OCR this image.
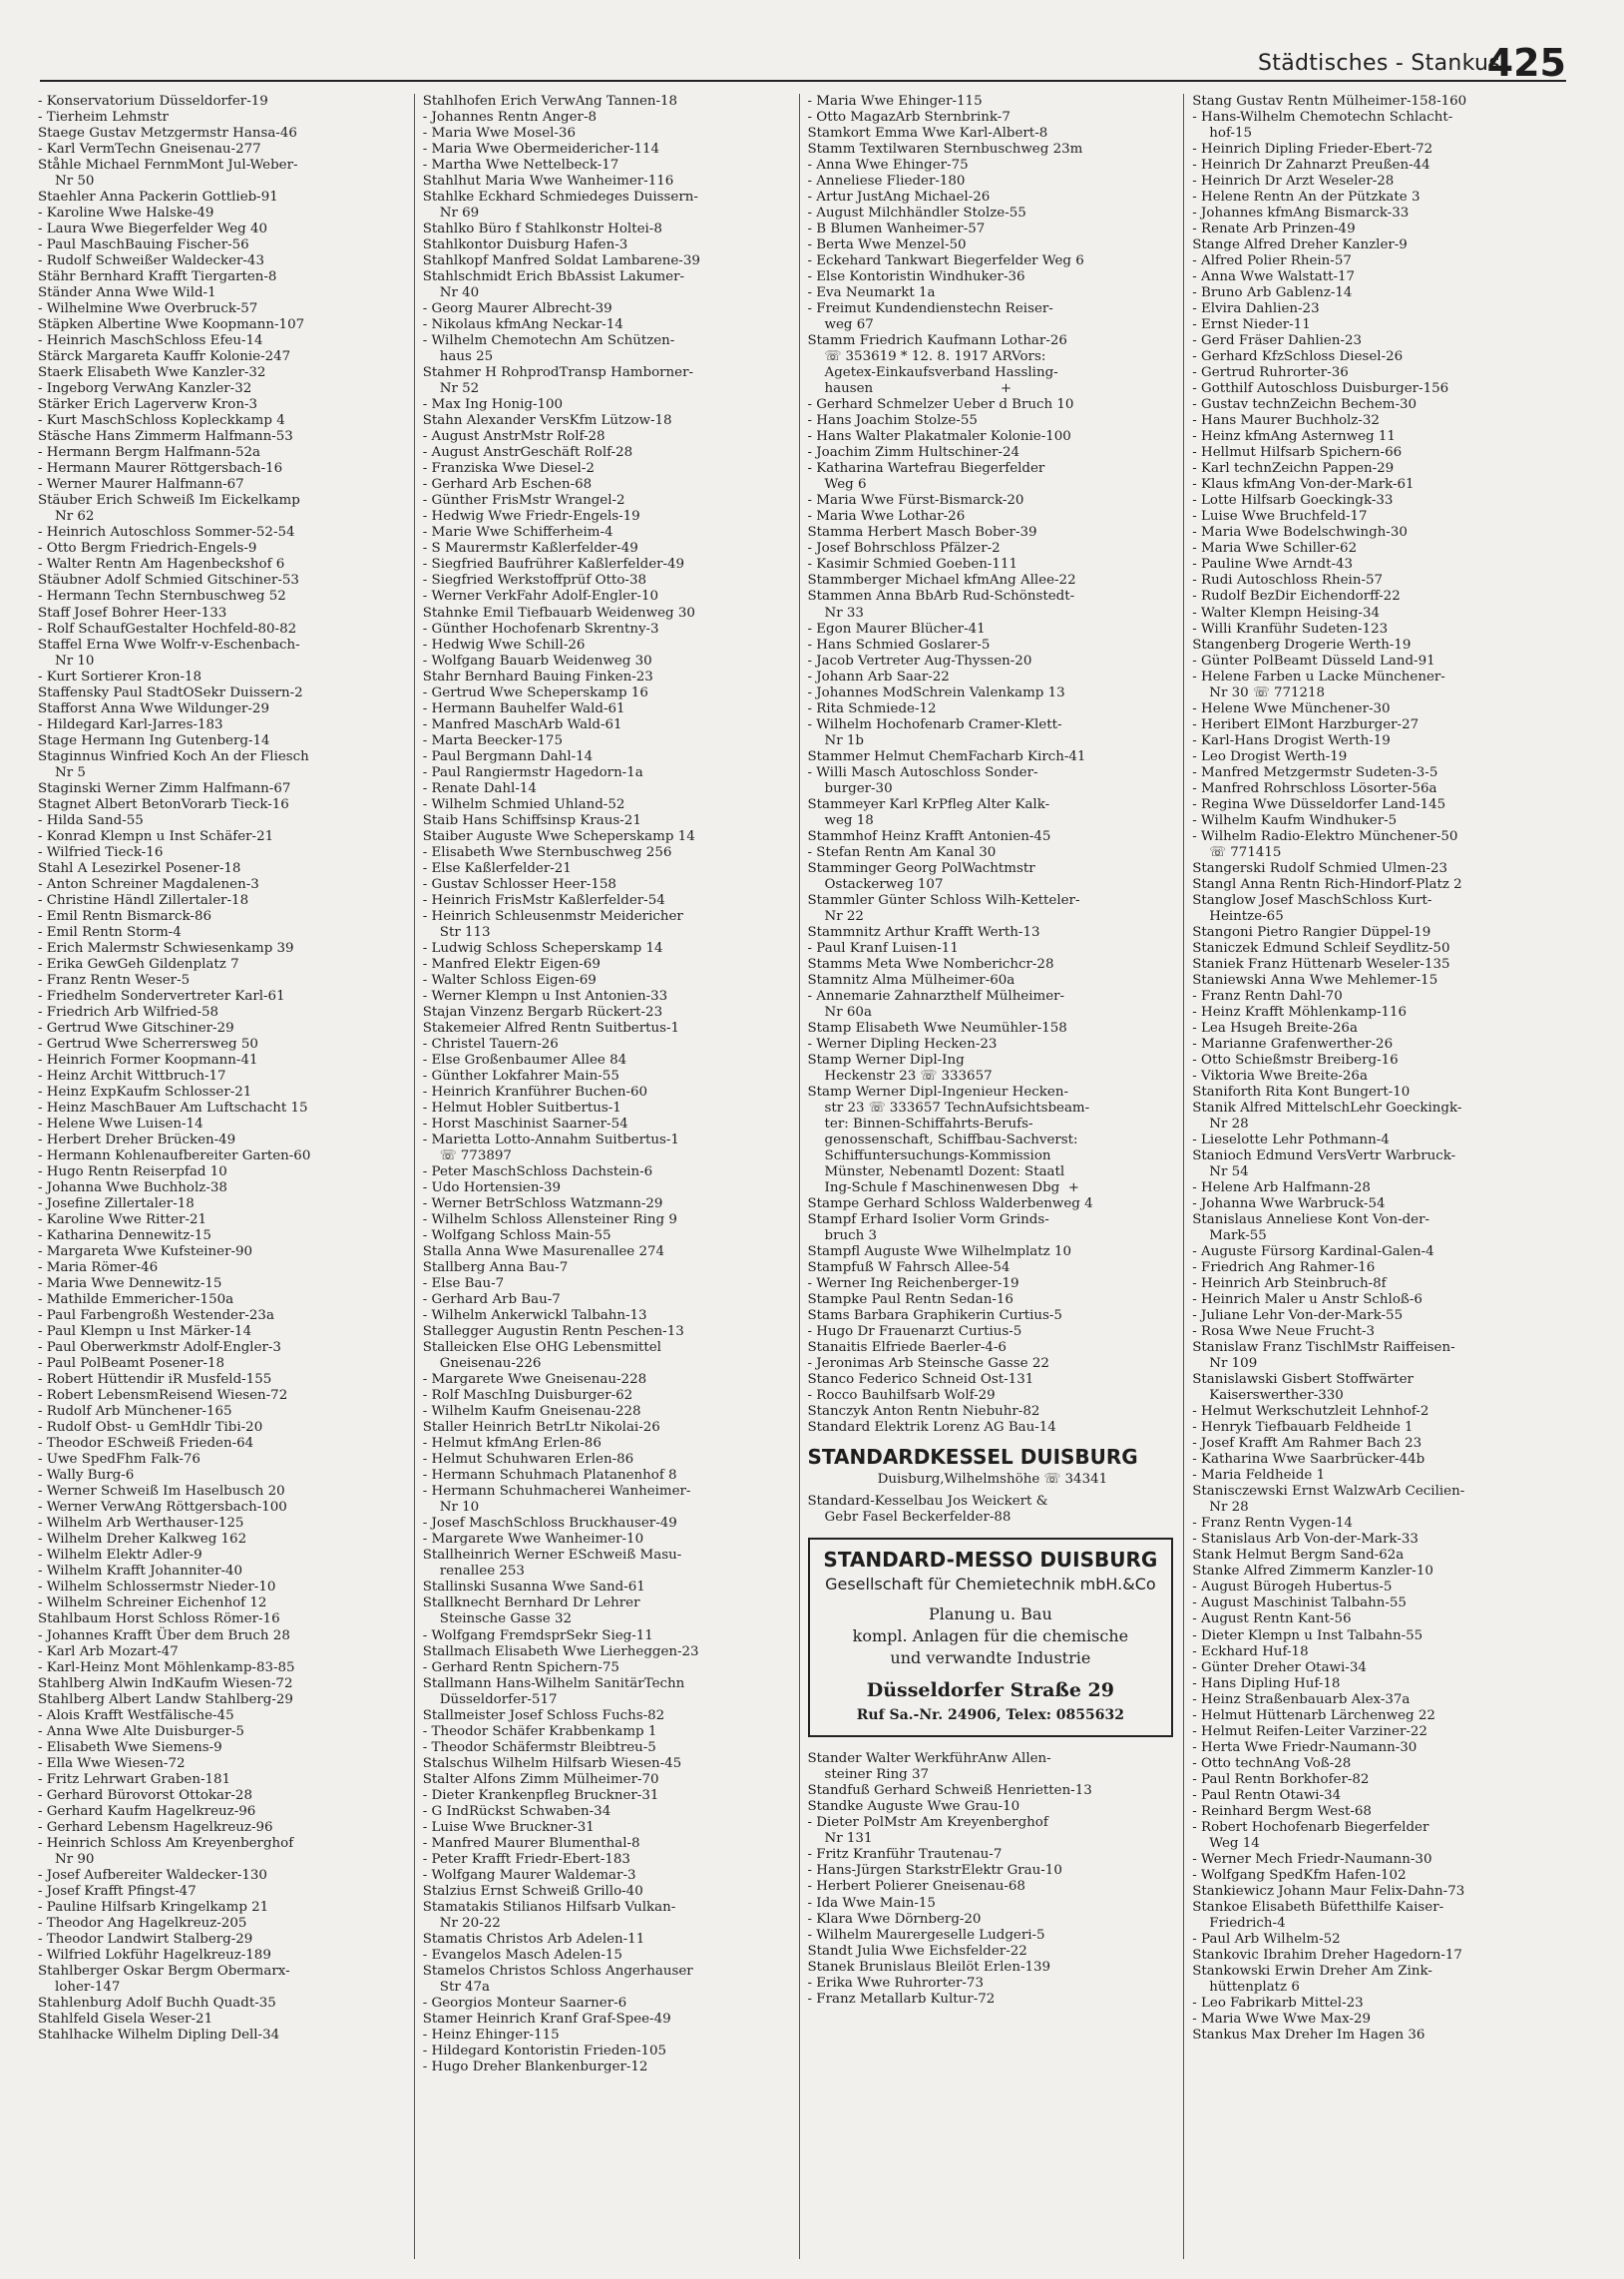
Städtisches - Stankus
425
- Konservatorium Düsseldorfer-19
- Tierheim Lehmstr
Staege Gustav Metzgermstr Hansa-46
- Karl VermTechn Gneisenau-277
Ståhle Michael FernmMont Jul-Weber-
Nr 50
Staehler Anna Packerin Gottlieb-91
- Karoline Wwe Halske-49
- Laura Wwe Biegerfelder Weg 40
- Paul MaschBauing Fischer-56
- Rudolf Schweißer Waldecker-43
Stähr Bernhard Krafft Tiergarten-8
Ständer Anna Wwe Wild-1
- Wilhelmine Wwe Overbruck-57
Stäpken Albertine Wwe Koopmann-107
- Heinrich MaschSchloss Efeu-14
Stärck Margareta Kauffr Kolonie-247
Staerk Elisabeth Wwe Kanzler-32
- Ingeborg VerwAng Kanzler-32
Stärker Erich Lagerverw Kron-3
- Kurt MaschSchloss Kopleckkamp 4
Stäsche Hans Zimmerm Halfmann-53
- Hermann Bergm Halfmann-52a
- Hermann Maurer Röttgersbach-16
- Werner Maurer Halfmann-67
Stäuber Erich Schweiß Im Eickelkamp
Nr 62
- Heinrich Autoschloss Sommer-52-54
- Otto Bergm Friedrich-Engels-9
- Walter Rentn Am Hagenbeckshof 6
Stäubner Adolf Schmied Gitschiner-53
- Hermann Techn Sternbuschweg 52
Staff Josef Bohrer Heer-133
- Rolf SchaufGestalter Hochfeld-80-82
Staffel Erna Wwe Wolfr-v-Eschenbach-
Nr 10
- Kurt Sortierer Kron-18
Staffensky Paul StadtOSekr Duissern-2
Stafforst Anna Wwe Wildunger-29
- Hildegard Karl-Jarres-183
Stage Hermann Ing Gutenberg-14
Staginnus Winfried Koch An der Fliesch
Nr 5
Staginski Werner Zimm Halfmann-67
Stagnet Albert BetonVorarb Tieck-16
- Hilda Sand-55
- Konrad Klempn u Inst Schäfer-21
- Wilfried Tieck-16
Stahl A Lesezirkel Posener-18
- Anton Schreiner Magdalenen-3
- Christine Händl Zillertaler-18
- Emil Rentn Bismarck-86
- Emil Rentn Storm-4
- Erich Malermstr Schwiesenkamp 39
- Erika GewGeh Gildenplatz 7
- Franz Rentn Weser-5
- Friedhelm Sondervertreter Karl-61
- Friedrich Arb Wilfried-58
- Gertrud Wwe Gitschiner-29
- Gertrud Wwe Scherrersweg 50
- Heinrich Former Koopmann-41
- Heinz Archit Wittbruch-17
- Heinz ExpKaufm Schlosser-21
- Heinz MaschBauer Am Luftschacht 15
- Helene Wwe Luisen-14
- Herbert Dreher Brücken-49
- Hermann Kohlenaufbereiter Garten-60
- Hugo Rentn Reiserpfad 10
- Johanna Wwe Buchholz-38
- Josefine Zillertaler-18
- Karoline Wwe Ritter-21
- Katharina Dennewitz-15
- Margareta Wwe Kufsteiner-90
- Maria Römer-46
- Maria Wwe Dennewitz-15
- Mathilde Emmericher-150a
- Paul Farbengroßh Westender-23a
- Paul Klempn u Inst Märker-14
- Paul Oberwerkmstr Adolf-Engler-3
- Paul PolBeamt Posener-18
- Robert Hüttendir iR Musfeld-155
- Robert LebensmReisend Wiesen-72
- Rudolf Arb Münchener-165
- Rudolf Obst- u GemHdlr Tibi-20
- Theodor ESchweiß Frieden-64
- Uwe SpedFhm Falk-76
- Wally Burg-6
- Werner Schweiß Im Haselbusch 20
- Werner VerwAng Röttgersbach-100
- Wilhelm Arb Werthauser-125
- Wilhelm Dreher Kalkweg 162
- Wilhelm Elektr Adler-9
- Wilhelm Krafft Johanniter-40
- Wilhelm Schlossermstr Nieder-10
- Wilhelm Schreiner Eichenhof 12
Stahlbaum Horst Schloss Römer-16
- Johannes Krafft Über dem Bruch 28
- Karl Arb Mozart-47
- Karl-Heinz Mont Möhlenkamp-83-85
Stahlberg Alwin IndKaufm Wiesen-72
Stahlberg Albert Landw Stahlberg-29
- Alois Krafft Westfälische-45
- Anna Wwe Alte Duisburger-5
- Elisabeth Wwe Siemens-9
- Ella Wwe Wiesen-72
- Fritz Lehrwart Graben-181
- Gerhard Bürovorst Ottokar-28
- Gerhard Kaufm Hagelkreuz-96
- Gerhard Lebensm Hagelkreuz-96
- Heinrich Schloss Am Kreyenberghof
Nr 90
- Josef Aufbereiter Waldecker-130
- Josef Krafft Pfingst-47
- Pauline Hilfsarb Kringelkamp 21
- Theodor Ang Hagelkreuz-205
- Theodor Landwirt Stalberg-29
- Wilfried Lokführ Hagelkreuz-189
Stahlberger Oskar Bergm Obermarx-
loher-147
Stahlenburg Adolf Buchh Quadt-35
Stahlfeld Gisela Weser-21
Stahlhacke Wilhelm Dipling Dell-34
Stahlhofen Erich VerwAng Tannen-18
- Johannes Rentn Anger-8
- Maria Wwe Mosel-36
- Maria Wwe Obermeidericher-114
- Martha Wwe Nettelbeck-17
Stahlhut Maria Wwe Wanheimer-116
Stahlke Eckhard Schmiedeges Duissern-
Nr 69
Stahlko Büro f Stahlkonstr Holtei-8
Stahlkontor Duisburg Hafen-3
Stahlkopf Manfred Soldat Lambarene-39
Stahlschmidt Erich BbAssist Lakumer-
Nr 40
- Georg Maurer Albrecht-39
- Nikolaus kfmAng Neckar-14
- Wilhelm Chemotechn Am Schützen-
haus 25
Stahmer H RohprodTransp Hamborner-
Nr 52
- Max Ing Honig-100
Stahn Alexander VersKfm Lützow-18
- August AnstrMstr Rolf-28
- August AnstrGeschäft Rolf-28
- Franziska Wwe Diesel-2
- Gerhard Arb Eschen-68
- Günther FrisMstr Wrangel-2
- Hedwig Wwe Friedr-Engels-19
- Marie Wwe Schifferheim-4
- S Maurermstr Kaßlerfelder-49
- Siegfried Baufrührer Kaßlerfelder-49
- Siegfried Werkstoffprüf Otto-38
- Werner VerkFahr Adolf-Engler-10
Stahnke Emil Tiefbauarb Weidenweg 30
- Günther Hochofenarb Skrentny-3
- Hedwig Wwe Schill-26
- Wolfgang Bauarb Weidenweg 30
Stahr Bernhard Bauing Finken-23
- Gertrud Wwe Scheperskamp 16
- Hermann Bauhelfer Wald-61
- Manfred MaschArb Wald-61
- Marta Beecker-175
- Paul Bergmann Dahl-14
- Paul Rangiermstr Hagedorn-1a
- Renate Dahl-14
- Wilhelm Schmied Uhland-52
Staib Hans Schiffsinsp Kraus-21
Staiber Auguste Wwe Scheperskamp 14
- Elisabeth Wwe Sternbuschweg 256
- Else Kaßlerfelder-21
- Gustav Schlosser Heer-158
- Heinrich FrisMstr Kaßlerfelder-54
- Heinrich Schleusenmstr Meidericher
Str 113
- Ludwig Schloss Scheperskamp 14
- Manfred Elektr Eigen-69
- Walter Schloss Eigen-69
- Werner Klempn u Inst Antonien-33
Stajan Vinzenz Bergarb Rückert-23
Stakemeier Alfred Rentn Suitbertus-1
- Christel Tauern-26
- Else Großenbaumer Allee 84
- Günther Lokfahrer Main-55
- Heinrich Kranführer Buchen-60
- Helmut Hobler Suitbertus-1
- Horst Maschinist Saarner-54
- Marietta Lotto-Annahm Suitbertus-1
☏ 773897
- Peter MaschSchloss Dachstein-6
- Udo Hortensien-39
- Werner BetrSchloss Watzmann-29
- Wilhelm Schloss Allensteiner Ring 9
- Wolfgang Schloss Main-55
Stalla Anna Wwe Masurenallee 274
Stallberg Anna Bau-7
- Else Bau-7
- Gerhard Arb Bau-7
- Wilhelm Ankerwickl Talbahn-13
Stallegger Augustin Rentn Peschen-13
Stalleicken Else OHG Lebensmittel
Gneisenau-226
- Margarete Wwe Gneisenau-228
- Rolf MaschIng Duisburger-62
- Wilhelm Kaufm Gneisenau-228
Staller Heinrich BetrLtr Nikolai-26
- Helmut kfmAng Erlen-86
- Helmut Schuhwaren Erlen-86
- Hermann Schuhmach Platanenhof 8
- Hermann Schuhmacherei Wanheimer-
Nr 10
- Josef MaschSchloss Bruckhauser-49
- Margarete Wwe Wanheimer-10
Stallheinrich Werner ESchweiß Masu-
renallee 253
Stallinski Susanna Wwe Sand-61
Stallknecht Bernhard Dr Lehrer
Steinsche Gasse 32
- Wolfgang FremdsprSekr Sieg-11
Stallmach Elisabeth Wwe Lierheggen-23
- Gerhard Rentn Spichern-75
Stallmann Hans-Wilhelm SanitärTechn
Düsseldorfer-517
Stallmeister Josef Schloss Fuchs-82
- Theodor Schäfer Krabbenkamp 1
- Theodor Schäfermstr Bleibtreu-5
Stalschus Wilhelm Hilfsarb Wiesen-45
Stalter Alfons Zimm Mülheimer-70
- Dieter Krankenpfleg Bruckner-31
- G IndRückst Schwaben-34
- Luise Wwe Bruckner-31
- Manfred Maurer Blumenthal-8
- Peter Krafft Friedr-Ebert-183
- Wolfgang Maurer Waldemar-3
Stalzius Ernst Schweiß Grillo-40
Stamatakis Stilianos Hilfsarb Vulkan-
Nr 20-22
Stamatis Christos Arb Adelen-11
- Evangelos Masch Adelen-15
Stamelos Christos Schloss Angerhauser
Str 47a
- Georgios Monteur Saarner-6
Stamer Heinrich Kranf Graf-Spee-49
- Heinz Ehinger-115
- Hildegard Kontoristin Frieden-105
- Hugo Dreher Blankenburger-12
- Maria Wwe Ehinger-115
- Otto MagazArb Sternbrink-7
Stamkort Emma Wwe Karl-Albert-8
Stamm Textilwaren Sternbuschweg 23m
- Anna Wwe Ehinger-75
- Anneliese Flieder-180
- Artur JustAng Michael-26
- August Milchhändler Stolze-55
- B Blumen Wanheimer-57
- Berta Wwe Menzel-50
- Eckehard Tankwart Biegerfelder Weg 6
- Else Kontoristin Windhuker-36
- Eva Neumarkt 1a
- Freimut Kundendienstechn Reiser-
weg 67
Stamm Friedrich Kaufmann Lothar-26
☏ 353619 * 12. 8. 1917 ARVors:
Agetex-Einkaufsverband Hassling-
hausen                              +
- Gerhard Schmelzer Ueber d Bruch 10
- Hans Joachim Stolze-55
- Hans Walter Plakatmaler Kolonie-100
- Joachim Zimm Hultschiner-24
- Katharina Wartefrau Biegerfelder
Weg 6
- Maria Wwe Fürst-Bismarck-20
- Maria Wwe Lothar-26
Stamma Herbert Masch Bober-39
- Josef Bohrschloss Pfälzer-2
- Kasimir Schmied Goeben-111
Stammberger Michael kfmAng Allee-22
Stammen Anna BbArb Rud-Schönstedt-
Nr 33
- Egon Maurer Blücher-41
- Hans Schmied Goslarer-5
- Jacob Vertreter Aug-Thyssen-20
- Johann Arb Saar-22
- Johannes ModSchrein Valenkamp 13
- Rita Schmiede-12
- Wilhelm Hochofenarb Cramer-Klett-
Nr 1b
Stammer Helmut ChemFacharb Kirch-41
- Willi Masch Autoschloss Sonder-
burger-30
Stammeyer Karl KrPfleg Alter Kalk-
weg 18
Stammhof Heinz Krafft Antonien-45
- Stefan Rentn Am Kanal 30
Stamminger Georg PolWachtmstr
Ostackerweg 107
Stammler Günter Schloss Wilh-Ketteler-
Nr 22
Stammnitz Arthur Krafft Werth-13
- Paul Kranf Luisen-11
Stamms Meta Wwe Nomberichcr-28
Stamnitz Alma Mülheimer-60a
- Annemarie Zahnarzthelf Mülheimer-
Nr 60a
Stamp Elisabeth Wwe Neumühler-158
- Werner Dipling Hecken-23
Stamp Werner Dipl-Ing
Heckenstr 23 ☏ 333657
Stamp Werner Dipl-Ingenieur Hecken-
str 23 ☏ 333657 TechnAufsichtsbeam-
ter: Binnen-Schiffahrts-Berufs-
genossenschaft, Schiffbau-Sachverst:
Schiffuntersuchungs-Kommission
Münster, Nebenamtl Dozent: Staatl
Ing-Schule f Maschinenwesen Dbg  +
Stampe Gerhard Schloss Walderbenweg 4
Stampf Erhard Isolier Vorm Grinds-
bruch 3
Stampfl Auguste Wwe Wilhelmplatz 10
Stampfuß W Fahrsch Allee-54
- Werner Ing Reichenberger-19
Stampke Paul Rentn Sedan-16
Stams Barbara Graphikerin Curtius-5
- Hugo Dr Frauenarzt Curtius-5
Stanaitis Elfriede Baerler-4-6
- Jeronimas Arb Steinsche Gasse 22
Stanco Federico Schneid Ost-131
- Rocco Bauhilfsarb Wolf-29
Stanczyk Anton Rentn Niebuhr-82
Standard Elektrik Lorenz AG Bau-14
STANDARDKESSEL DUISBURG
Duisburg,Wilhelmshöhe ☏ 34341
Standard-Kesselbau Jos Weickert &
Gebr Fasel Beckerfelder-88
STANDARD-MESSO DUISBURG
Gesellschaft für Chemietechnik mbH.&Co
Planung u. Bau
kompl. Anlagen für die chemische
und verwandte Industrie
Düsseldorfer Straße 29
Ruf Sa.-Nr. 24906, Telex: 0855632
Stander Walter WerkführAnw Allen-
steiner Ring 37
Standfuß Gerhard Schweiß Henrietten-13
Standke Auguste Wwe Grau-10
- Dieter PolMstr Am Kreyenberghof
Nr 131
- Fritz Kranführ Trautenau-7
- Hans-Jürgen StarkstrElektr Grau-10
- Herbert Polierer Gneisenau-68
- Ida Wwe Main-15
- Klara Wwe Dörnberg-20
- Wilhelm Maurergeselle Ludgeri-5
Standt Julia Wwe Eichsfelder-22
Stanek Brunislaus Bleilöt Erlen-139
- Erika Wwe Ruhrorter-73
- Franz Metallarb Kultur-72
Stang Gustav Rentn Mülheimer-158-160
- Hans-Wilhelm Chemotechn Schlacht-
hof-15
- Heinrich Dipling Frieder-Ebert-72
- Heinrich Dr Zahnarzt Preußen-44
- Heinrich Dr Arzt Weseler-28
- Helene Rentn An der Pützkate 3
- Johannes kfmAng Bismarck-33
- Renate Arb Prinzen-49
Stange Alfred Dreher Kanzler-9
- Alfred Polier Rhein-57
- Anna Wwe Walstatt-17
- Bruno Arb Gablenz-14
- Elvira Dahlien-23
- Ernst Nieder-11
- Gerd Fräser Dahlien-23
- Gerhard KfzSchloss Diesel-26
- Gertrud Ruhrorter-36
- Gotthilf Autoschloss Duisburger-156
- Gustav technZeichn Bechem-30
- Hans Maurer Buchholz-32
- Heinz kfmAng Asternweg 11
- Hellmut Hilfsarb Spichern-66
- Karl technZeichn Pappen-29
- Klaus kfmAng Von-der-Mark-61
- Lotte Hilfsarb Goeckingk-33
- Luise Wwe Bruchfeld-17
- Maria Wwe Bodelschwingh-30
- Maria Wwe Schiller-62
- Pauline Wwe Arndt-43
- Rudi Autoschloss Rhein-57
- Rudolf BezDir Eichendorff-22
- Walter Klempn Heising-34
- Willi Kranführ Sudeten-123
Stangenberg Drogerie Werth-19
- Günter PolBeamt Düsseld Land-91
- Helene Farben u Lacke Münchener-
Nr 30 ☏ 771218
- Helene Wwe Münchener-30
- Heribert ElMont Harzburger-27
- Karl-Hans Drogist Werth-19
- Leo Drogist Werth-19
- Manfred Metzgermstr Sudeten-3-5
- Manfred Rohrschloss Lösorter-56a
- Regina Wwe Düsseldorfer Land-145
- Wilhelm Kaufm Windhuker-5
- Wilhelm Radio-Elektro Münchener-50
☏ 771415
Stangerski Rudolf Schmied Ulmen-23
Stangl Anna Rentn Rich-Hindorf-Platz 2
Stanglow Josef MaschSchloss Kurt-
Heintze-65
Stangoni Pietro Rangier Düppel-19
Staniczek Edmund Schleif Seydlitz-50
Staniek Franz Hüttenarb Weseler-135
Staniewski Anna Wwe Mehlemer-15
- Franz Rentn Dahl-70
- Heinz Krafft Möhlenkamp-116
- Lea Hsugeh Breite-26a
- Marianne Grafenwerther-26
- Otto Schießmstr Breiberg-16
- Viktoria Wwe Breite-26a
Staniforth Rita Kont Bungert-10
Stanik Alfred MittelschLehr Goeckingk-
Nr 28
- Lieselotte Lehr Pothmann-4
Stanioch Edmund VersVertr Warbruck-
Nr 54
- Helene Arb Halfmann-28
- Johanna Wwe Warbruck-54
Stanislaus Anneliese Kont Von-der-
Mark-55
- Auguste Fürsorg Kardinal-Galen-4
- Friedrich Ang Rahmer-16
- Heinrich Arb Steinbruch-8f
- Heinrich Maler u Anstr Schloß-6
- Juliane Lehr Von-der-Mark-55
- Rosa Wwe Neue Frucht-3
Stanislaw Franz TischlMstr Raiffeisen-
Nr 109
Stanislawski Gisbert Stoffwärter
Kaiserswerther-330
- Helmut Werkschutzleit Lehnhof-2
- Henryk Tiefbauarb Feldheide 1
- Josef Krafft Am Rahmer Bach 23
- Katharina Wwe Saarbrücker-44b
- Maria Feldheide 1
Stanisczewski Ernst WalzwArb Cecilien-
Nr 28
- Franz Rentn Vygen-14
- Stanislaus Arb Von-der-Mark-33
Stank Helmut Bergm Sand-62a
Stanke Alfred Zimmerm Kanzler-10
- August Bürogeh Hubertus-5
- August Maschinist Talbahn-55
- August Rentn Kant-56
- Dieter Klempn u Inst Talbahn-55
- Eckhard Huf-18
- Günter Dreher Otawi-34
- Hans Dipling Huf-18
- Heinz Straßenbauarb Alex-37a
- Helmut Hüttenarb Lärchenweg 22
- Helmut Reifen-Leiter Varziner-22
- Herta Wwe Friedr-Naumann-30
- Otto technAng Voß-28
- Paul Rentn Borkhofer-82
- Paul Rentn Otawi-34
- Reinhard Bergm West-68
- Robert Hochofenarb Biegerfelder
Weg 14
- Werner Mech Friedr-Naumann-30
- Wolfgang SpedKfm Hafen-102
Stankiewicz Johann Maur Felix-Dahn-73
Stankoe Elisabeth Büfetthilfe Kaiser-
Friedrich-4
- Paul Arb Wilhelm-52
Stankovic Ibrahim Dreher Hagedorn-17
Stankowski Erwin Dreher Am Zink-
hüttenplatz 6
- Leo Fabrikarb Mittel-23
- Maria Wwe Wwe Max-29
Stankus Max Dreher Im Hagen 36
